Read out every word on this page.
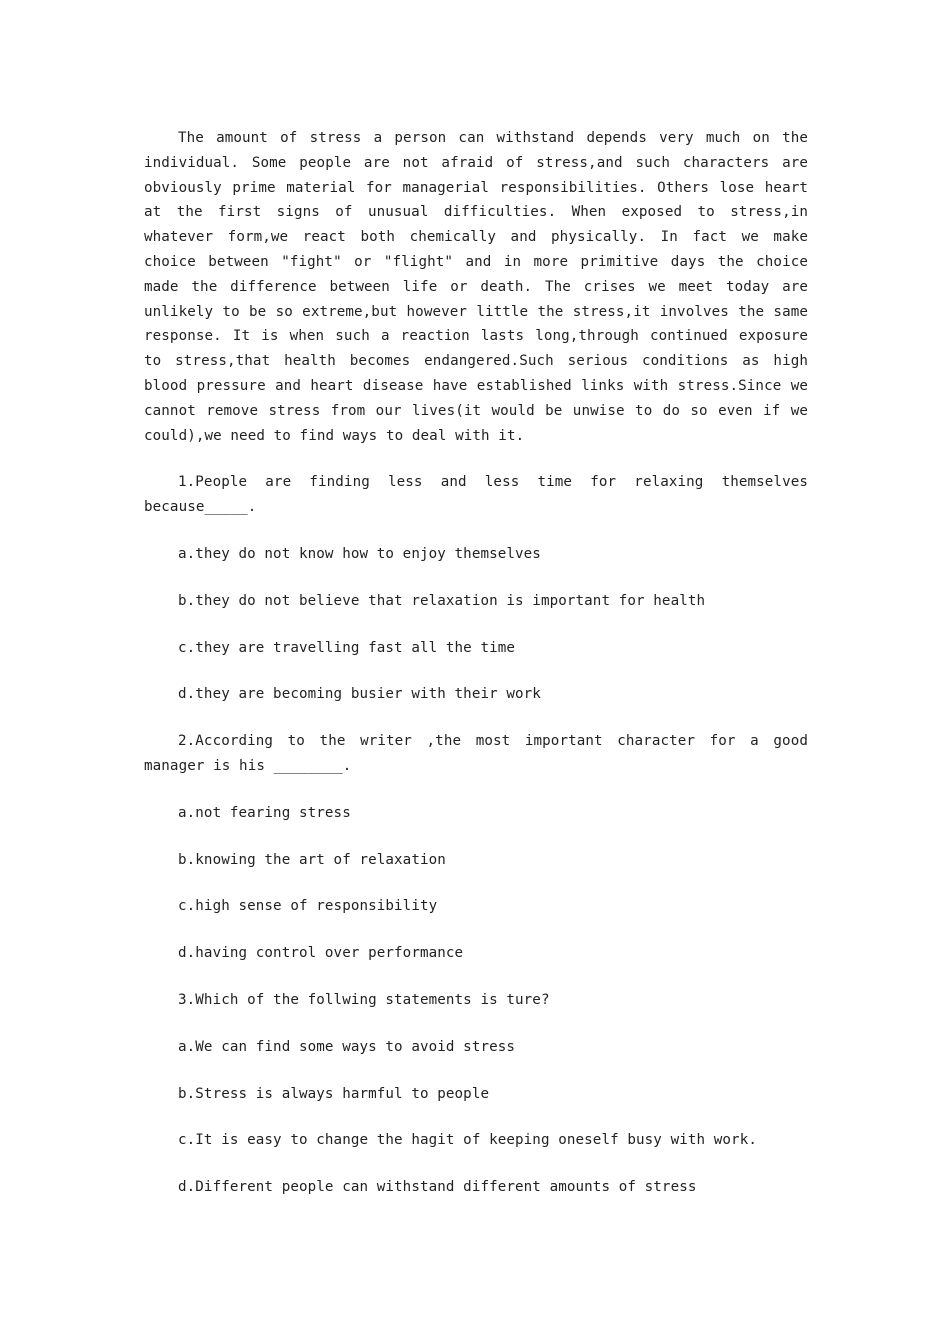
The amount of stress a person can withstand depends very much on the individual. Some people are not afraid of stress,and such characters are obviously prime material for managerial responsibilities. Others lose heart at the first signs of unusual difficulties. When exposed to stress,in whatever form,we react both chemically and physically. In fact we make choice between "fight" or "flight" and in more primitive days the choice made the difference between life or death. The crises we meet today are unlikely to be so extreme,but however little the stress,it involves the same response. It is when such a reaction lasts long,through continued exposure to stress,that health becomes endangered.Such serious conditions as high blood pressure and heart disease have established links with stress.Since we cannot remove stress from our lives(it would be unwise to do so even if we could),we need to find ways to deal with it.

1.People are finding less and less time for relaxing themselves because_____.

a.they do not know how to enjoy themselves

b.they do not believe that relaxation is important for health

c.they are travelling fast all the time

d.they are becoming busier with their work

2.According to the writer ,the most important character for a good manager is his ________.

a.not fearing stress

b.knowing the art of relaxation

c.high sense of responsibility

d.having control over performance

3.Which of the follwing statements is ture?

a.We can find some ways to avoid stress

b.Stress is always harmful to people

c.It is easy to change the hagit of keeping oneself busy with work.

d.Different people can withstand different amounts of stress
